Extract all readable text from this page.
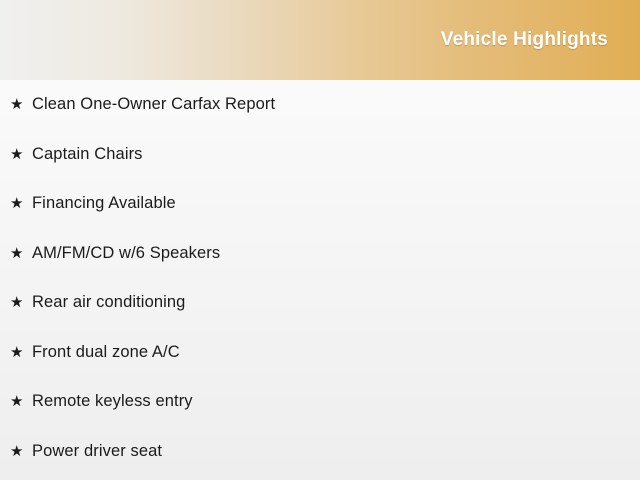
Vehicle Highlights
★ Clean One-Owner Carfax Report
★ Captain Chairs
★ Financing Available
★ AM/FM/CD w/6 Speakers
★ Rear air conditioning
★ Front dual zone A/C
★ Remote keyless entry
★ Power driver seat
